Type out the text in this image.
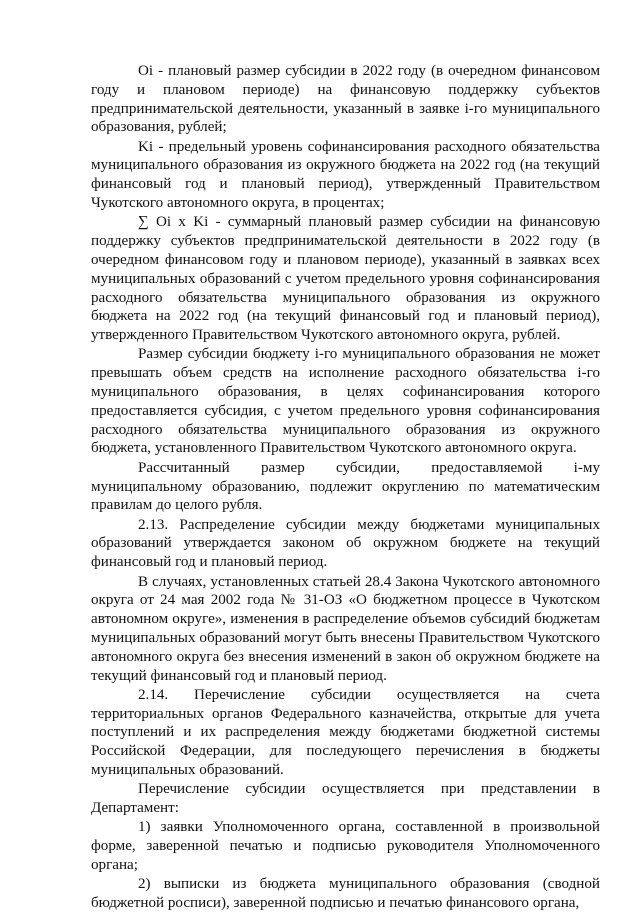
Oi - плановый размер субсидии в 2022 году (в очередном финансовом году и плановом периоде) на финансовую поддержку субъектов предпринимательской деятельности, указанный в заявке i-го муниципального образования, рублей;

Ki - предельный уровень софинансирования расходного обязательства муниципального образования из окружного бюджета на 2022 год (на текущий финансовый год и плановый период), утвержденный Правительством Чукотского автономного округа, в процентах;

∑ Oi x Ki - суммарный плановый размер субсидии на финансовую поддержку субъектов предпринимательской деятельности в 2022 году (в очередном финансовом году и плановом периоде), указанный в заявках всех муниципальных образований с учетом предельного уровня софинансирования расходного обязательства муниципального образования из окружного бюджета на 2022 год (на текущий финансовый год и плановый период), утвержденного Правительством Чукотского автономного округа, рублей.

Размер субсидии бюджету i-го муниципального образования не может превышать объем средств на исполнение расходного обязательства i-го муниципального образования, в целях софинансирования которого предоставляется субсидия, с учетом предельного уровня софинансирования расходного обязательства муниципального образования из окружного бюджета, установленного Правительством Чукотского автономного округа.

Рассчитанный размер субсидии, предоставляемой i-му муниципальному образованию, подлежит округлению по математическим правилам до целого рубля.

2.13. Распределение субсидии между бюджетами муниципальных образований утверждается законом об окружном бюджете на текущий финансовый год и плановый период.

В случаях, установленных статьей 28.4 Закона Чукотского автономного округа от 24 мая 2002 года № 31-ОЗ «О бюджетном процессе в Чукотском автономном округе», изменения в распределение объемов субсидий бюджетам муниципальных образований могут быть внесены Правительством Чукотского автономного округа без внесения изменений в закон об окружном бюджете на текущий финансовый год и плановый период.

2.14. Перечисление субсидии осуществляется на счета территориальных органов Федерального казначейства, открытые для учета поступлений и их распределения между бюджетами бюджетной системы Российской Федерации, для последующего перечисления в бюджеты муниципальных образований.

Перечисление субсидии осуществляется при представлении в Департамент:

1) заявки Уполномоченного органа, составленной в произвольной форме, заверенной печатью и подписью руководителя Уполномоченного органа;

2) выписки из бюджета муниципального образования (сводной бюджетной росписи), заверенной подписью и печатью финансового органа,
